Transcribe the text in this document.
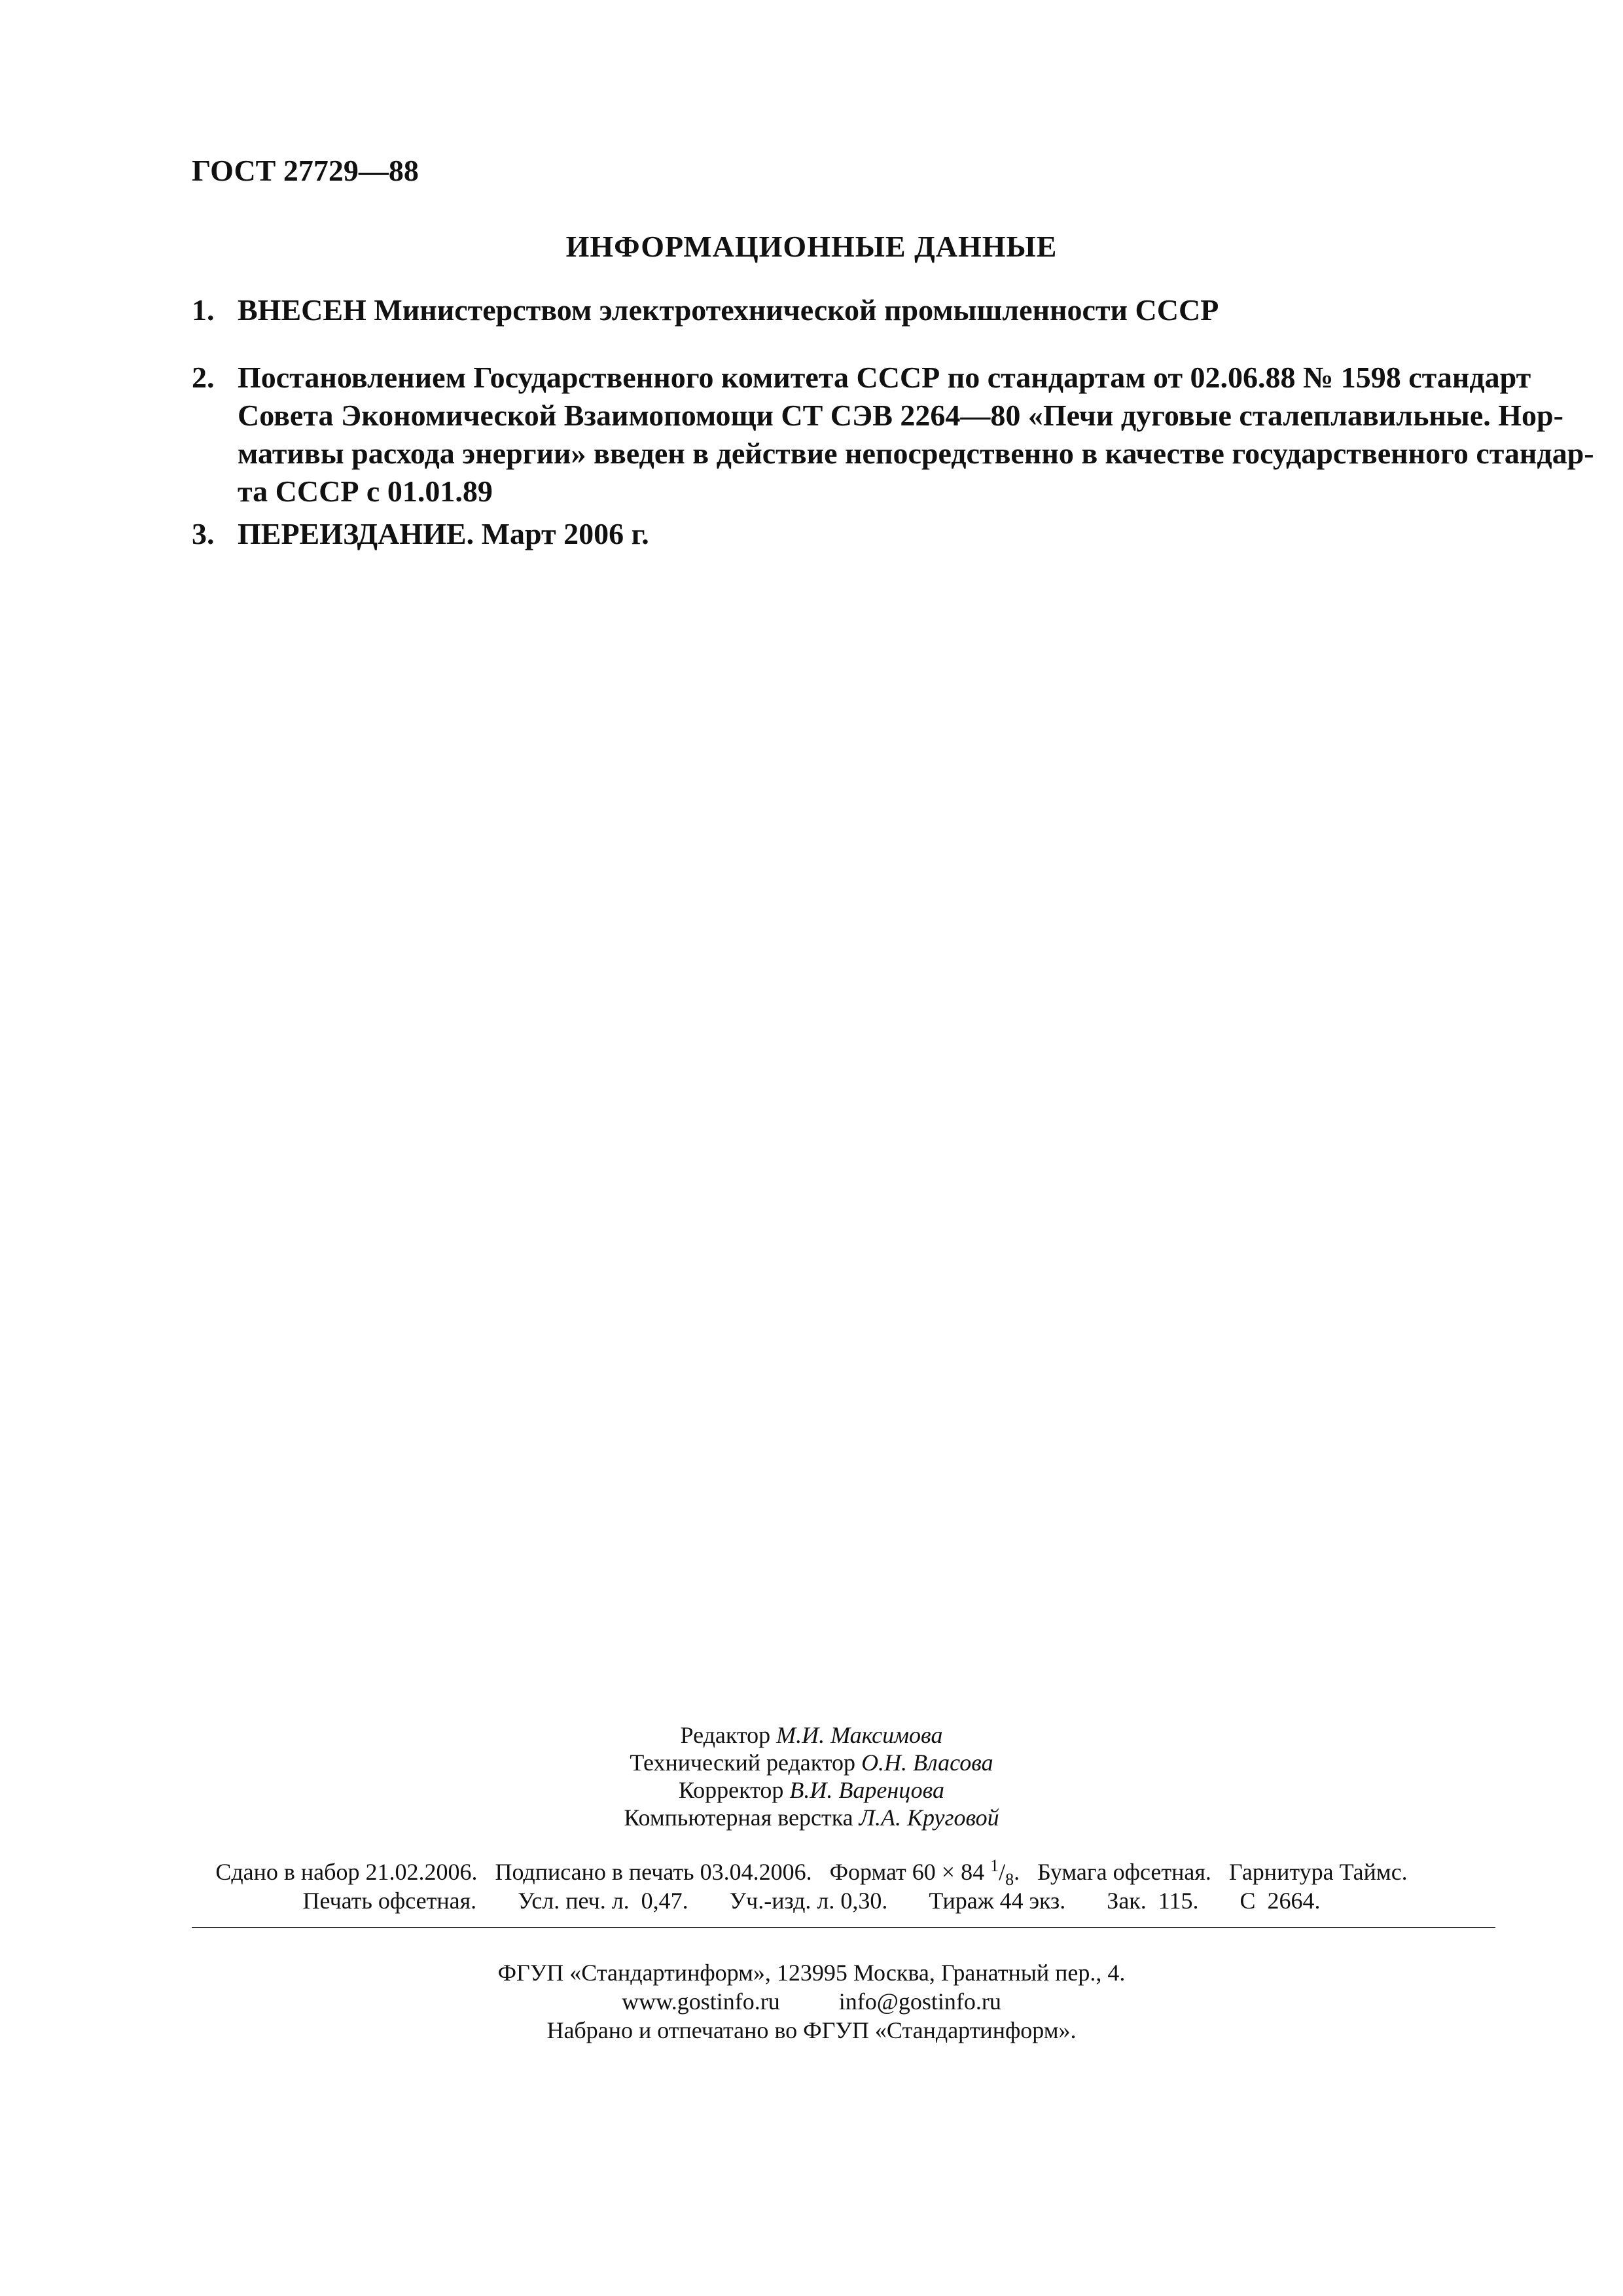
ГОСТ 27729—88
ИНФОРМАЦИОННЫЕ ДАННЫЕ
1. ВНЕСЕН Министерством электротехнической промышленности СССР
2. Постановлением Государственного комитета СССР по стандартам от 02.06.88 № 1598 стандарт
Совета Экономической Взаимопомощи СТ СЭВ 2264—80 «Печи дуговые сталеплавильные. Нор-
мативы расхода энергии» введен в действие непосредственно в качестве государственного стандар-
та СССР с 01.01.89
3. ПЕРЕИЗДАНИЕ. Март 2006 г.
Редактор М.И. Максимова
Технический редактор О.Н. Власова
Корректор В.И. Варенцова
Компьютерная верстка Л.А. Круговой
Сдано в набор 21.02.2006.   Подписано в печать 03.04.2006.   Формат 60 × 84 $^1/_8$.   Бумага офсетная.   Гарнитура Таймс.
Печать офсетная.       Усл. печ. л.  0,47.       Уч.-изд. л. 0,30.       Тираж 44 экз.       Зак.  115.       С  2664.
ФГУП «Стандартинформ», 123995 Москва, Гранатный пер., 4.
www.gostinfo.ru          info@gostinfo.ru
Набрано и отпечатано во ФГУП «Стандартинформ».
